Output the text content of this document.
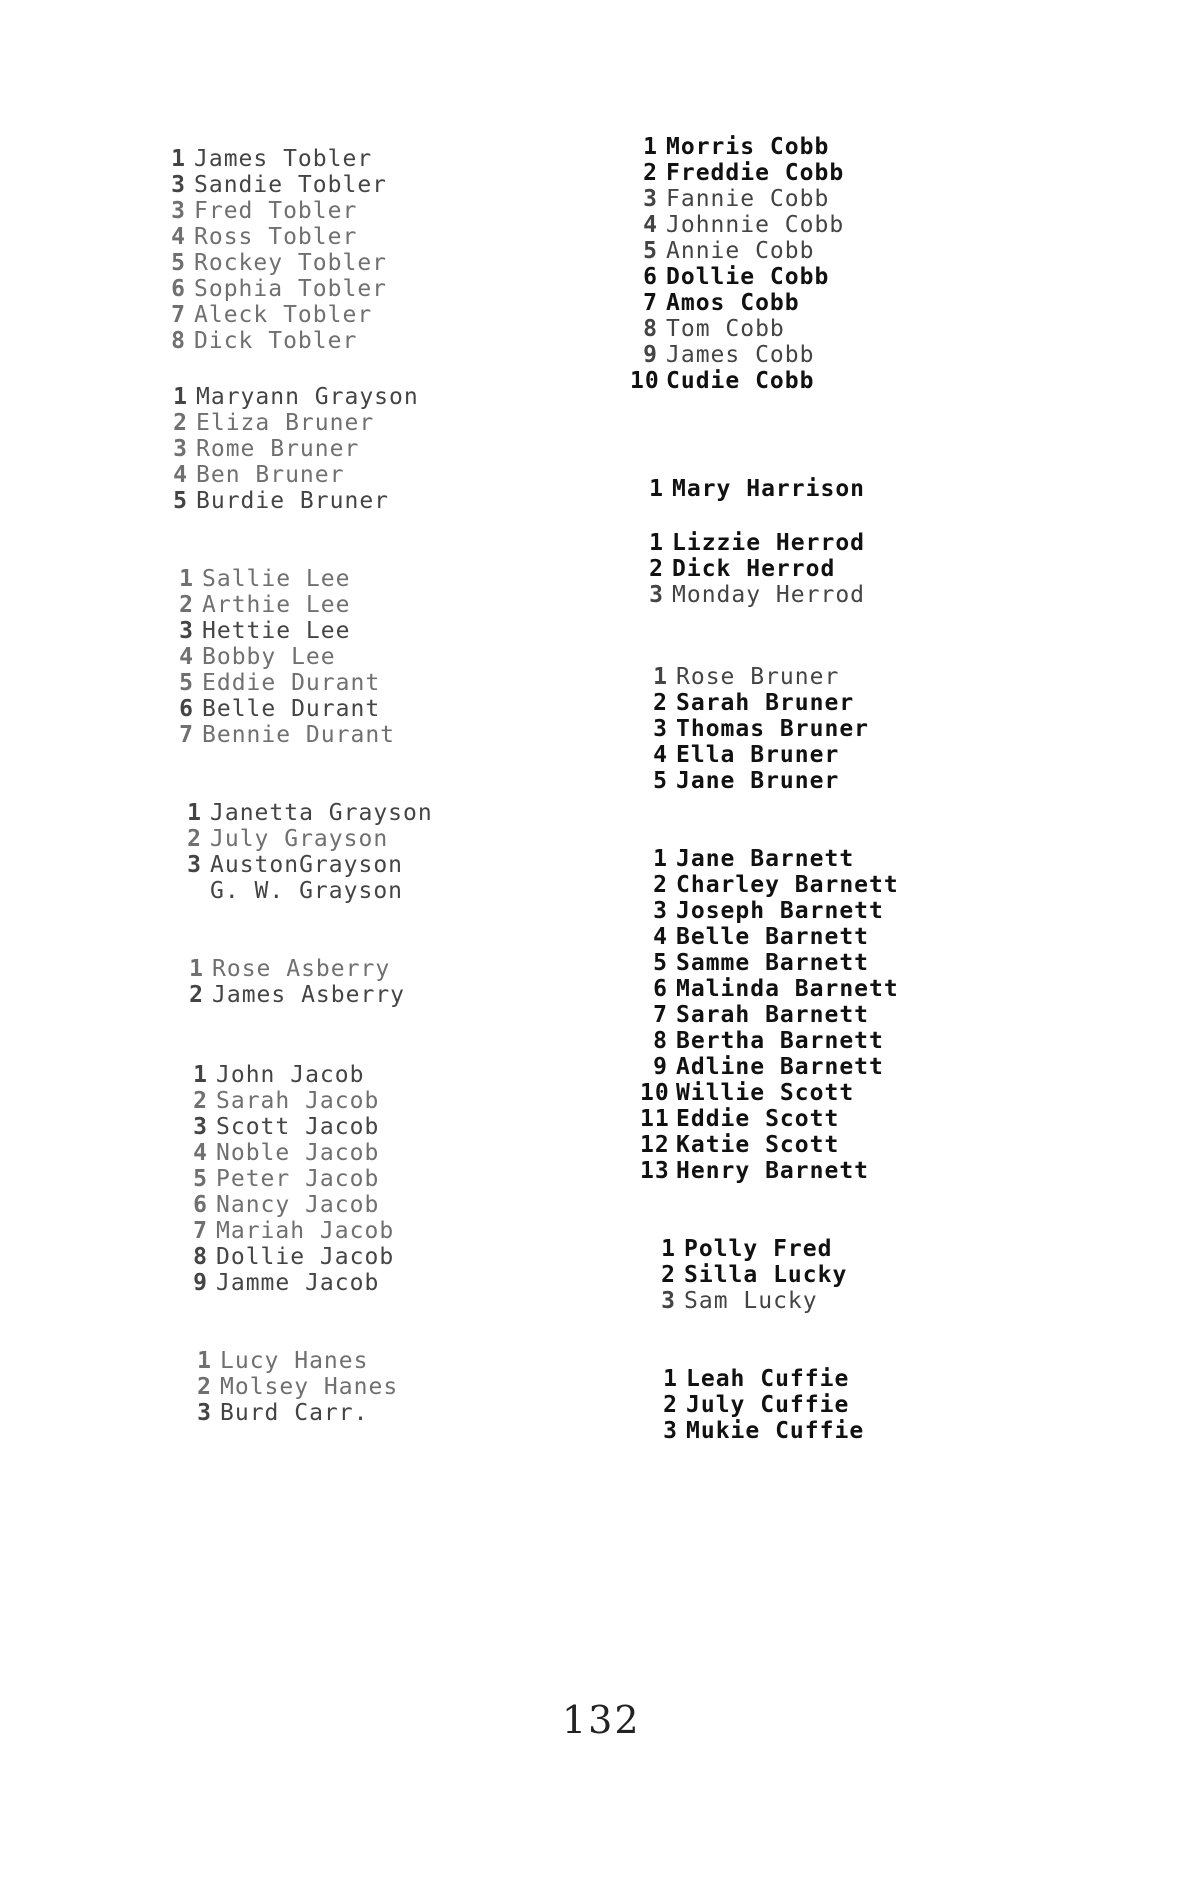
1 James Tobler
3 Sandie Tobler
3 Fred Tobler
4 Ross Tobler
5 Rockey Tobler
6 Sophia Tobler
7 Aleck Tobler
8 Dick Tobler
1 Maryann Grayson
2 Eliza Bruner
3 Rome Bruner
4 Ben Bruner
5 Burdie Bruner
1 Sallie Lee
2 Arthie Lee
3 Hettie Lee
4 Bobby Lee
5 Eddie Durant
6 Belle Durant
7 Bennie Durant
1 Janetta Grayson
2 July Grayson
3 AustonGrayson
G. W. Grayson
1 Rose Asberry
2 James Asberry
1 John Jacob
2 Sarah Jacob
3 Scott Jacob
4 Noble Jacob
5 Peter Jacob
6 Nancy Jacob
7 Mariah Jacob
8 Dollie Jacob
9 Jamme Jacob
1 Lucy Hanes
2 Molsey Hanes
3 Burd Carr.
1 Morris Cobb
2 Freddie Cobb
3 Fannie Cobb
4 Johnnie Cobb
5 Annie Cobb
6 Dollie Cobb
7 Amos Cobb
8 Tom Cobb
9 James Cobb
10 Cudie Cobb
1 Mary Harrison
1 Lizzie Herrod
2 Dick Herrod
3 Monday Herrod
1 Rose Bruner
2 Sarah Bruner
3 Thomas Bruner
4 Ella Bruner
5 Jane Bruner
1 Jane Barnett
2 Charley Barnett
3 Joseph Barnett
4 Belle Barnett
5 Samme Barnett
6 Malinda Barnett
7 Sarah Barnett
8 Bertha Barnett
9 Adline Barnett
10 Willie Scott
11 Eddie Scott
12 Katie Scott
13 Henry Barnett
1 Polly Fred
2 Silla Lucky
3 Sam Lucky
1 Leah Cuffie
2 July Cuffie
3 Mukie Cuffie
132
